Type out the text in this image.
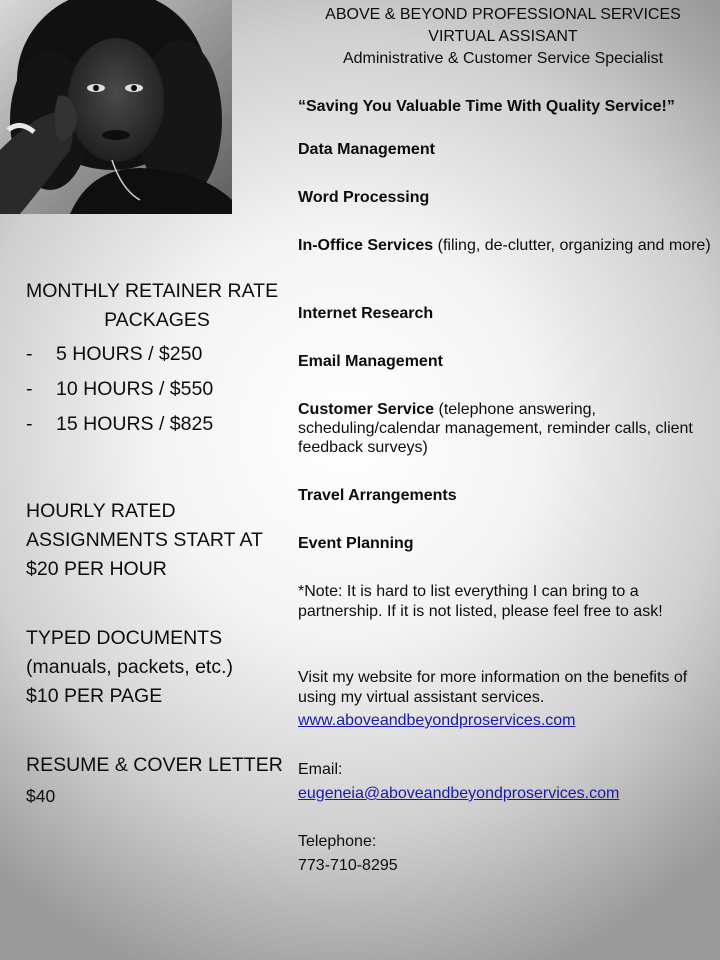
ABOVE & BEYOND PROFESSIONAL SERVICES
VIRTUAL ASSISANT
Administrative & Customer Service Specialist
“Saving You Valuable Time With Quality Service!”
Data Management
Word Processing
In-Office Services (filing, de-clutter, organizing and more)
Internet Research
Email Management
Customer Service (telephone answering, scheduling/calendar management, reminder calls, client feedback surveys)
Travel Arrangements
Event Planning
*Note: It is hard to list everything I can bring to a partnership. If it is not listed, please feel free to ask!
Visit my website for more information on the benefits of using my virtual assistant services.
www.aboveandbeyondproservices.com
Email:
eugeneia@aboveandbeyondproservices.com
Telephone:
773-710-8295
MONTHLY RETAINER RATE
PACKAGES
-	5 HOURS / $250
-	10 HOURS / $550
-	15 HOURS / $825
HOURLY RATED
ASSIGNMENTS START AT
$20 PER HOUR
TYPED DOCUMENTS
(manuals, packets, etc.)
$10 PER PAGE
RESUME & COVER LETTER
$40
